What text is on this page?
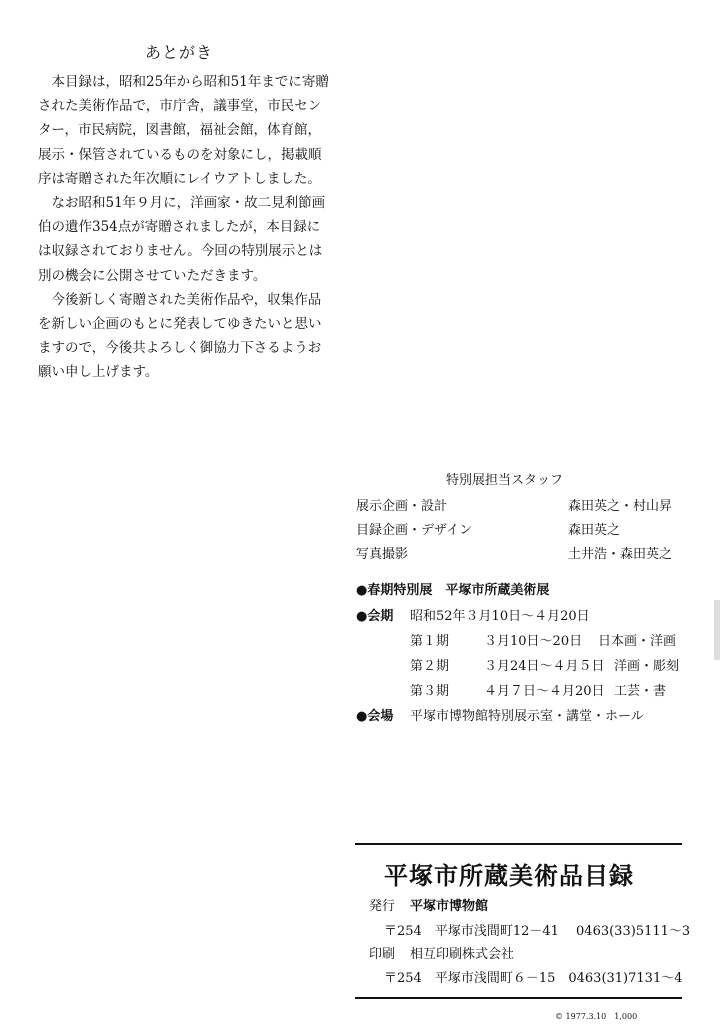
あとがき
　本目録は，昭和25年から昭和51年までに寄贈
された美術作品で，市庁舎，議事堂，市民セン
ター，市民病院，図書館，福祉会館，体育館，
展示・保管されているものを対象にし，掲載順
序は寄贈された年次順にレイウアトしました。
　なお昭和51年９月に，洋画家・故二見利節画
伯の遺作354点が寄贈されましたが，本目録に
は収録されておりません。今回の特別展示とは
別の機会に公開させていただきます。
　今後新しく寄贈された美術作品や，収集作品
を新しい企画のもとに発表してゆきたいと思い
ますので，今後共よろしく御協力下さるようお
願い申し上げます。
特別展担当スタッフ
展示企画・設計	森田英之・村山昇
目録企画・デザイン	森田英之
写真撮影	土井浩・森田英之
●春期特別展　平塚市所蔵美術展
●会期 昭和52年３月10日～４月20日
第１期	３月10日～20日 日本画・洋画
第２期	３月24日～４月５日 洋画・彫刻
第３期	４月７日～４月20日 工芸・書
●会場 平塚市博物館特別展示室・講堂・ホール
平塚市所蔵美術品目録
発行 平塚市博物館
〒254　平塚市浅間町12－41　 0463(33)5111～3
印刷 相互印刷株式会社
〒254　平塚市浅間町６－15　0463(31)7131～4
© 1977.3.10　1,000
